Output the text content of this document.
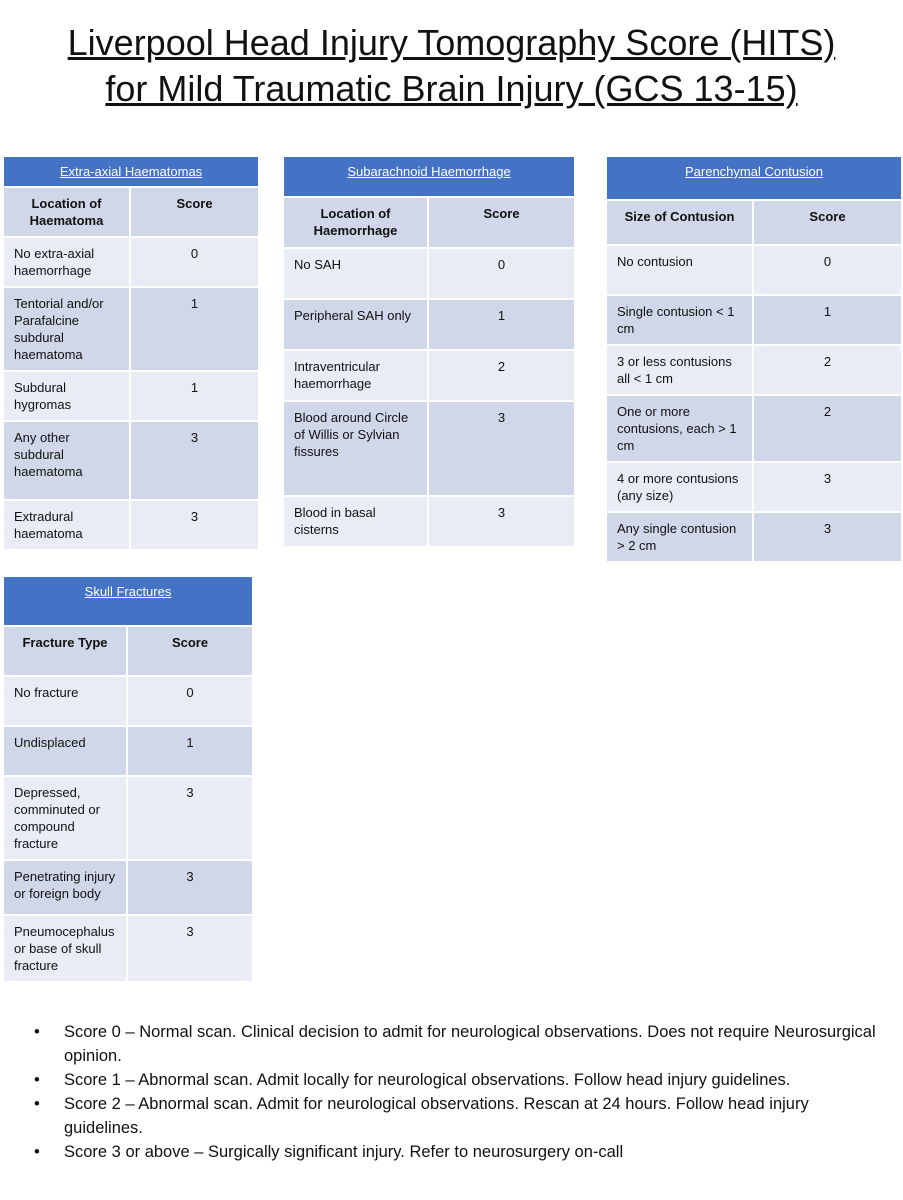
Liverpool Head Injury Tomography Score (HITS)
for Mild Traumatic Brain Injury (GCS 13-15)
Extra-axial Haematomas	
Location of Haematoma	Score
No extra-axial haemorrhage	0
Tentorial and/or Parafalcine subdural haematoma	1
Subdural hygromas	1
Any other subdural haematoma	3
Extradural haematoma	3
Subarachnoid Haemorrhage	
Location of Haemorrhage	Score
No SAH	0
Peripheral SAH only	1
Intraventricular haemorrhage	2
Blood around Circle of Willis or Sylvian fissures	3
Blood in basal cisterns	3
Parenchymal Contusion	
Size of Contusion	Score
No contusion	0
Single contusion < 1 cm	1
3 or less contusions all < 1 cm	2
One or more contusions, each > 1 cm	2
4 or more contusions (any size)	3
Any single contusion > 2 cm	3
Skull Fractures	
Fracture Type	Score
No fracture	0
Undisplaced	1
Depressed, comminuted or compound fracture	3
Penetrating injury or foreign body	3
Pneumocephalus or base of skull fracture	3
• Score 0 – Normal scan. Clinical decision to admit for neurological observations. Does not require Neurosurgical opinion.
• Score 1 – Abnormal scan. Admit locally for neurological observations. Follow head injury guidelines.
• Score 2 – Abnormal scan. Admit for neurological observations. Rescan at 24 hours. Follow head injury guidelines.
• Score 3 or above – Surgically significant injury. Refer to neurosurgery on-call
